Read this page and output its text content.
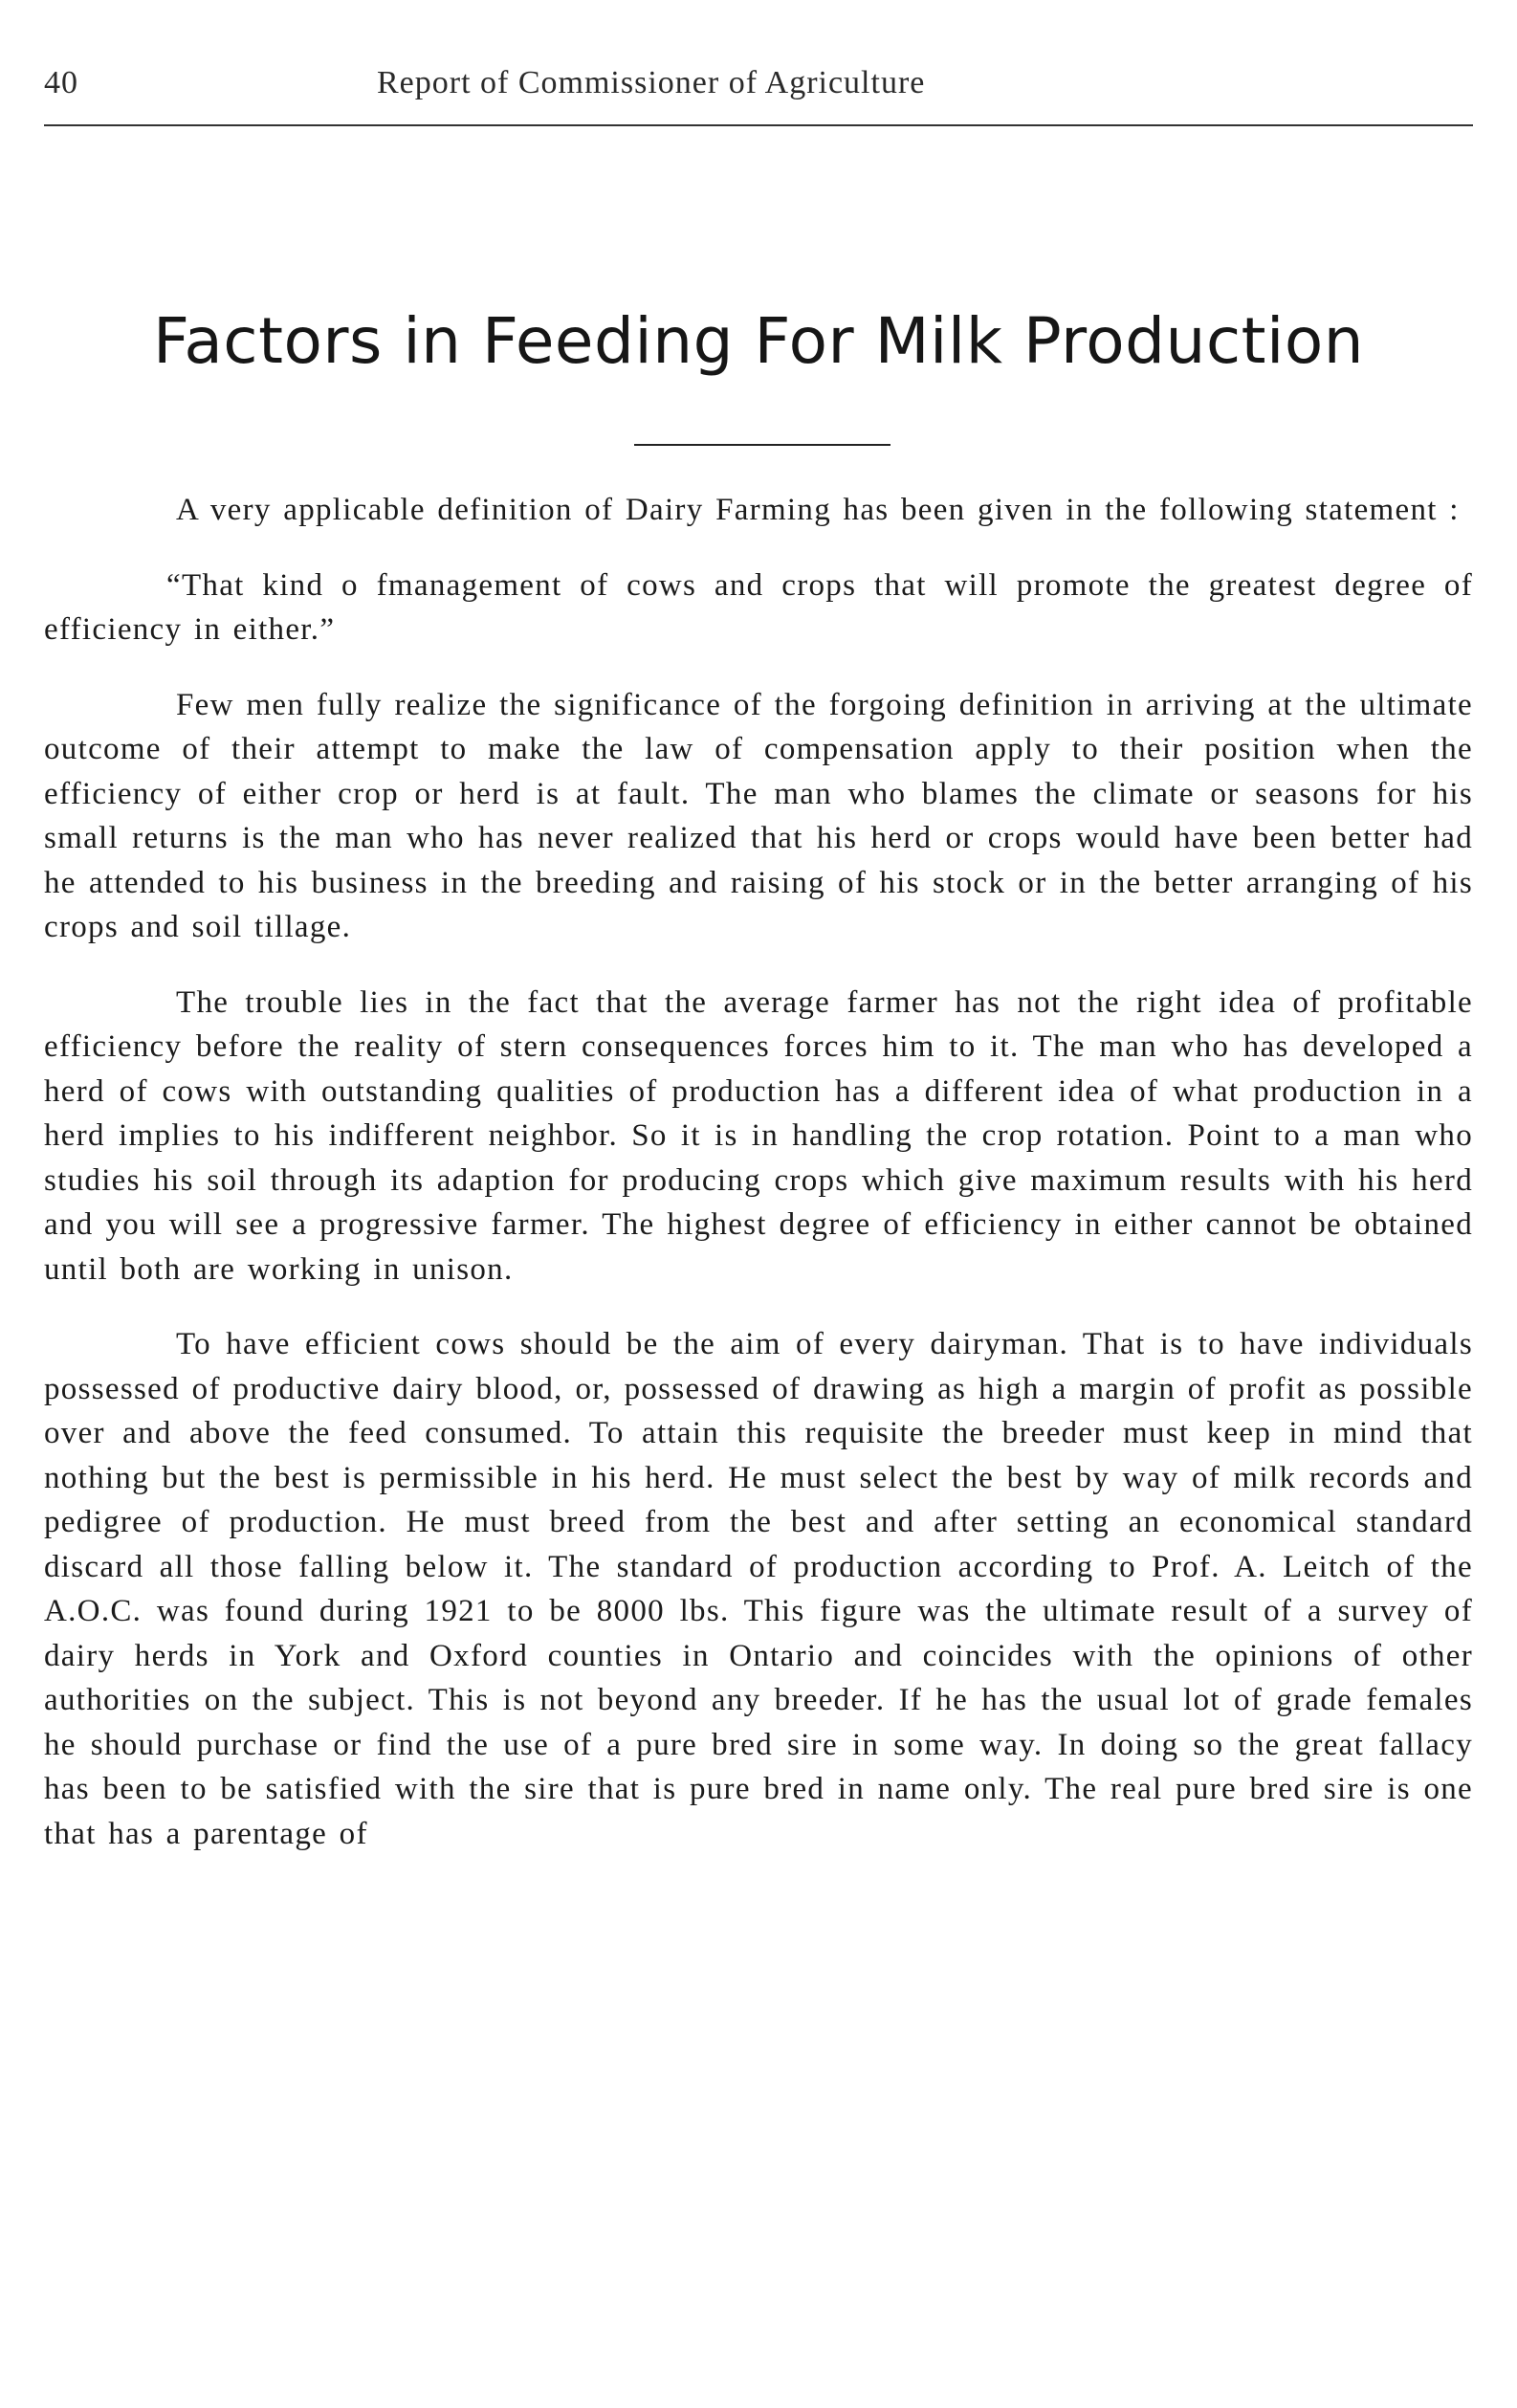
40	Report of Commissioner of Agriculture
Factors in Feeding For Milk Production

A very applicable definition of Dairy Farming has been given in the following statement :

“That kind o fmanagement of cows and crops that will promote the greatest degree of efficiency in either.”

Few men fully realize the significance of the forgoing definition in arriving at the ultimate outcome of their attempt to make the law of compensation apply to their position when the efficiency of either crop or herd is at fault. The man who blames the climate or seasons for his small returns is the man who has never realized that his herd or crops would have been better had he attended to his business in the breeding and raising of his stock or in the better arranging of his crops and soil tillage.

The trouble lies in the fact that the average farmer has not the right idea of profitable efficiency before the reality of stern consequences forces him to it. The man who has developed a herd of cows with outstanding qualities of production has a different idea of what production in a herd implies to his indifferent neighbor. So it is in handling the crop rotation. Point to a man who studies his soil through its adaption for producing crops which give maximum results with his herd and you will see a progressive farmer. The highest degree of efficiency in either cannot be obtained until both are working in unison.

To have efficient cows should be the aim of every dairyman. That is to have individuals possessed of productive dairy blood, or, possessed of drawing as high a margin of profit as possible over and above the feed consumed. To attain this requisite the breeder must keep in mind that nothing but the best is permissible in his herd. He must select the best by way of milk records and pedigree of production. He must breed from the best and after setting an economical standard discard all those falling below it. The standard of production according to Prof. A. Leitch of the A.O.C. was found during 1921 to be 8000 lbs. This figure was the ultimate result of a survey of dairy herds in York and Oxford counties in Ontario and coincides with the opinions of other authorities on the subject. This is not beyond any breeder. If he has the usual lot of grade females he should purchase or find the use of a pure bred sire in some way. In doing so the great fallacy has been to be satisfied with the sire that is pure bred in name only. The real pure bred sire is one that has a parentage of
